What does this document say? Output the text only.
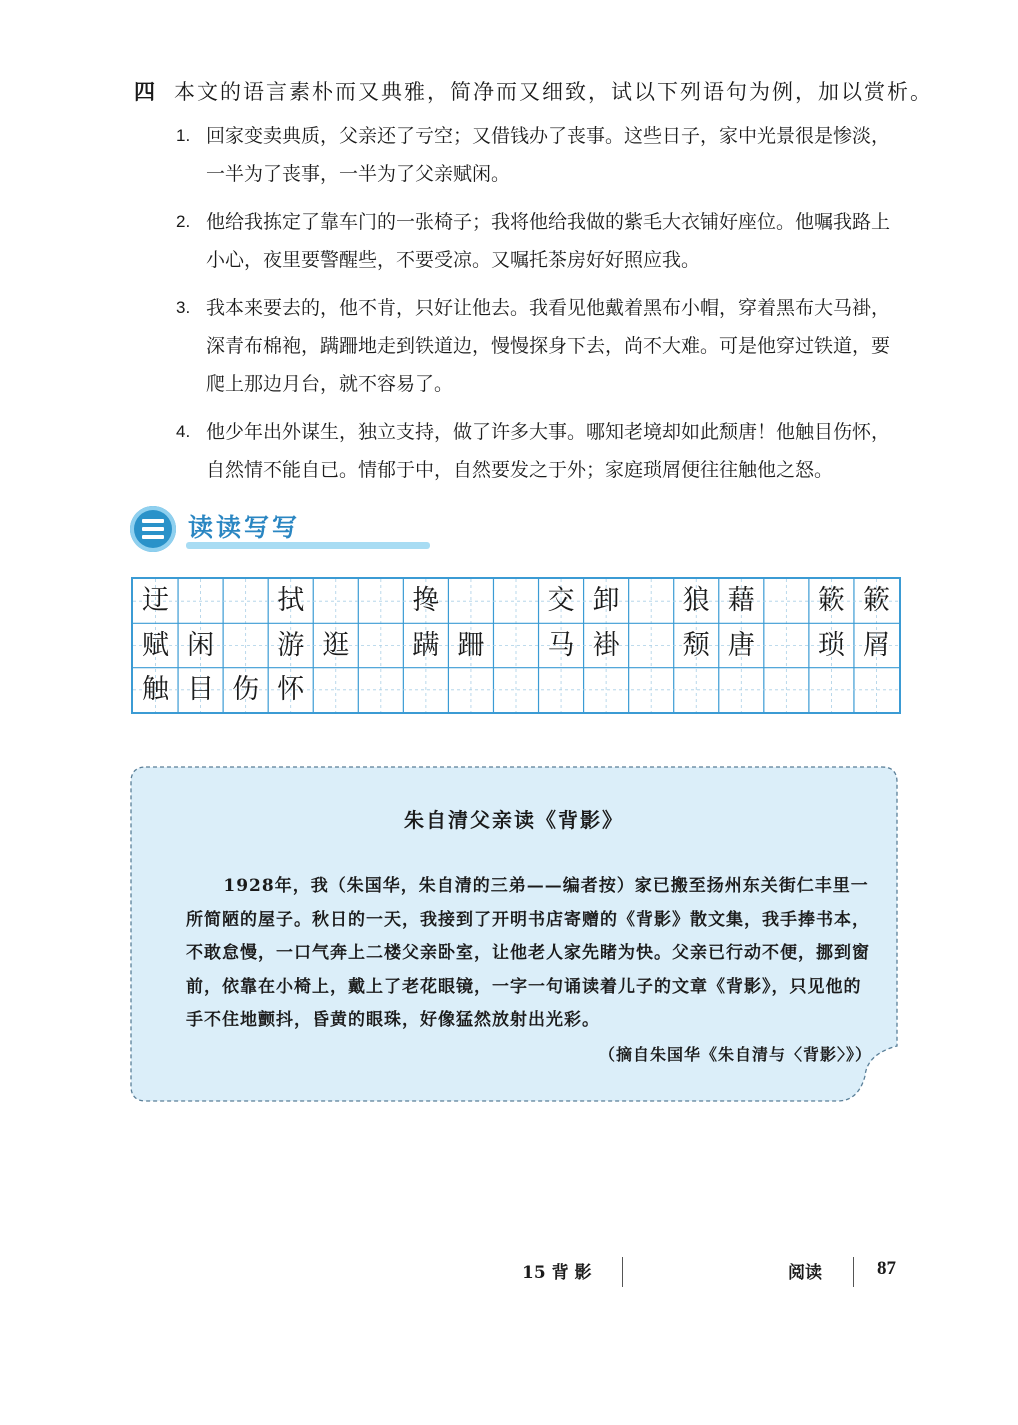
四 本文的语言素朴而又典雅，简净而又细致，试以下列语句为例，加以赏析。
1. 回家变卖典质，父亲还了亏空；又借钱办了丧事。这些日子，家中光景很是惨淡，一半为了丧事，一半为了父亲赋闲。
2. 他给我拣定了靠车门的一张椅子；我将他给我做的紫毛大衣铺好座位。他嘱我路上小心，夜里要警醒些，不要受凉。又嘱托茶房好好照应我。
3. 我本来要去的，他不肯，只好让他去。我看见他戴着黑布小帽，穿着黑布大马褂，深青布棉袍，蹒跚地走到铁道边，慢慢探身下去，尚不大难。可是他穿过铁道，要爬上那边月台，就不容易了。
4. 他少年出外谋生，独立支持，做了许多大事。哪知老境却如此颓唐！他触目伤怀，自然情不能自已。情郁于中，自然要发之于外；家庭琐屑便往往触他之怒。
读读写写
迂	拭	搀	交 卸	狼 藉	簌 簌
赋 闲	游 逛	蹒 跚	马 褂	颓 唐	琐 屑
触 目 伤 怀
朱自清父亲读《背影》
1928年，我（朱国华，朱自清的三弟——编者按）家已搬至扬州东关街仁丰里一所简陋的屋子。秋日的一天，我接到了开明书店寄赠的《背影》散文集，我手捧书本，不敢怠慢，一口气奔上二楼父亲卧室，让他老人家先睹为快。父亲已行动不便，挪到窗前，依靠在小椅上，戴上了老花眼镜，一字一句诵读着儿子的文章《背影》，只见他的手不住地颤抖，昏黄的眼珠，好像猛然放射出光彩。
（摘自朱国华《朱自清与〈背影〉》）
15 背 影	阅读	87
